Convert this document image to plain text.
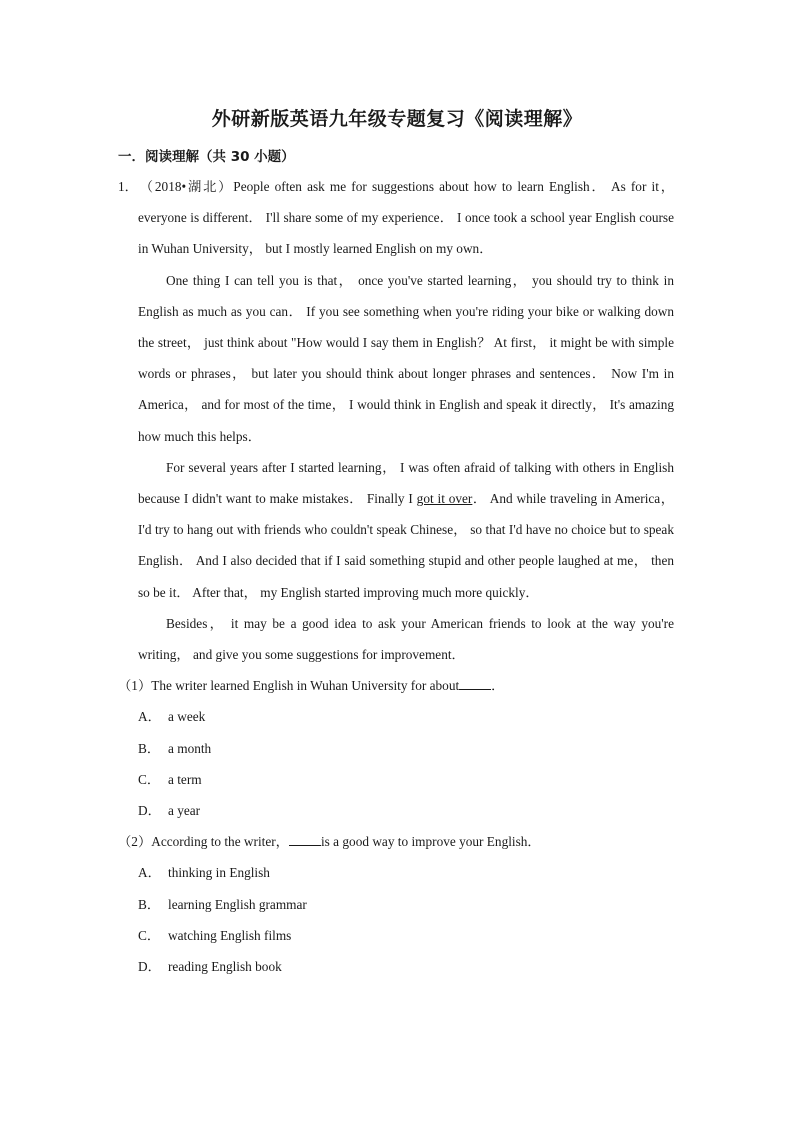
外研新版英语九年级专题复习《阅读理解》
一．阅读理解（共 30 小题）

1．（2018•湖北）People often ask me for suggestions about how to learn English． As for it， everyone is different． I'll share some of my experience． I once took a school year English course in Wuhan University， but I mostly learned English on my own．

One thing I can tell you is that， once you've started learning， you should try to think in English as much as you can． If you see something when you're riding your bike or walking down the street， just think about "How would I say them in English？ At first， it might be with simple words or phrases， but later you should think about longer phrases and sentences． Now I'm in America， and for most of the time， I would think in English and speak it directly， It's amazing how much this helps．

For several years after I started learning， I was often afraid of talking with others in English because I didn't want to make mistakes． Finally I got it over． And while traveling in America， I'd try to hang out with friends who couldn't speak Chinese， so that I'd have no choice but to speak English． And I also decided that if I said something stupid and other people laughed at me， then so be it． After that， my English started improving much more quickly．

Besides， it may be a good idea to ask your American friends to look at the way you're writing， and give you some suggestions for improvement．

（1）The writer learned English in Wuhan University for about ．

A． a week

B． a month

C． a term

D． a year

（2）According to the writer， is a good way to improve your English．

A． thinking in English

B． learning English grammar

C． watching English films

D． reading English book
